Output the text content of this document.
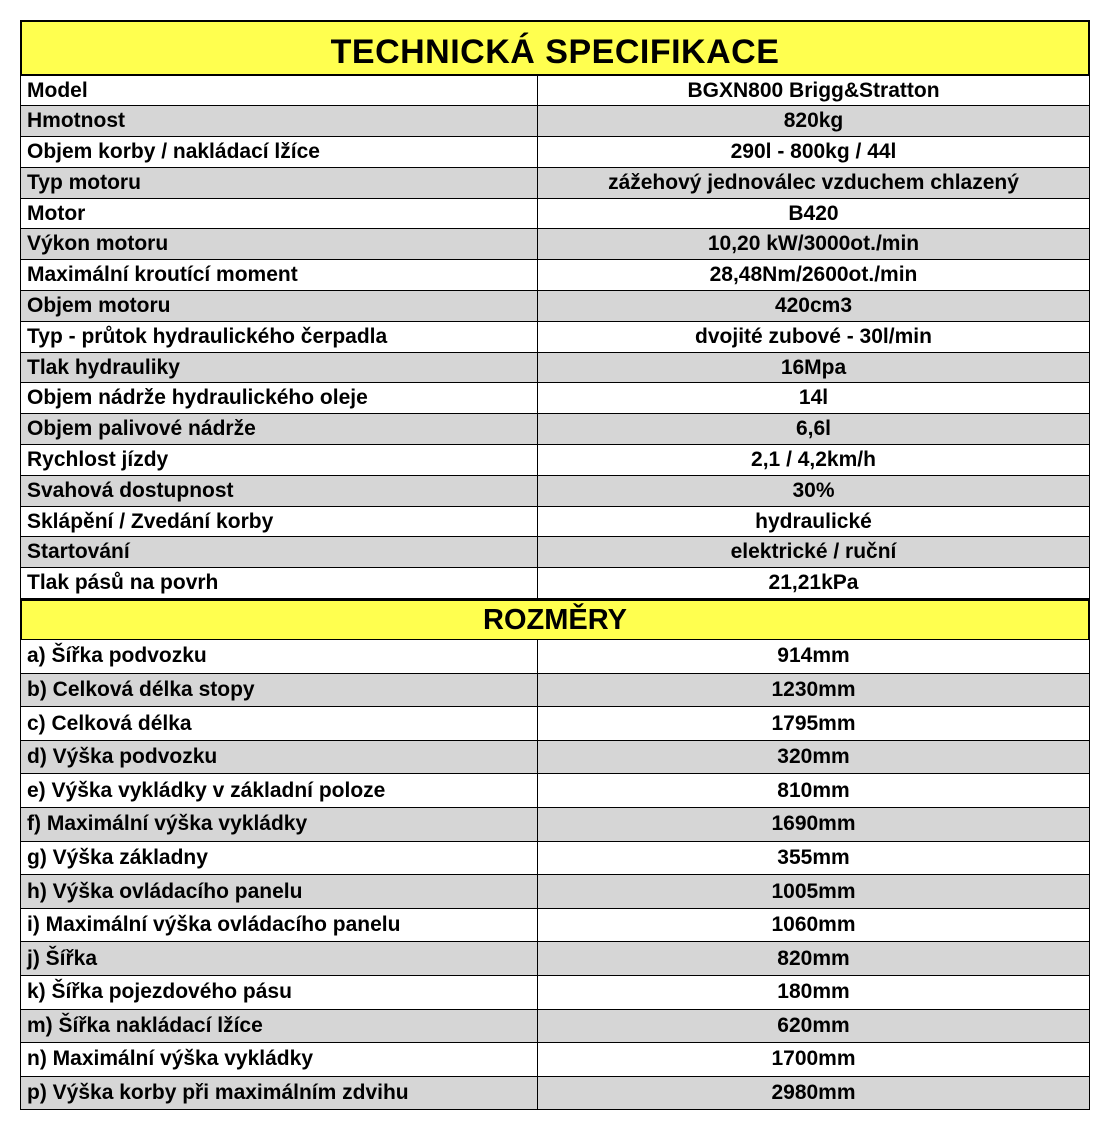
TECHNICKÁ SPECIFIKACE
Model	BGXN800 Brigg&Stratton
Hmotnost	820kg
Objem korby / nakládací lžíce	290l - 800kg / 44l
Typ motoru	zážehový jednoválec vzduchem chlazený
Motor	B420
Výkon motoru	10,20 kW/3000ot./min
Maximální kroutící moment	28,48Nm/2600ot./min
Objem motoru	420cm3
Typ - průtok hydraulického čerpadla	dvojité zubové - 30l/min
Tlak hydrauliky	16Mpa
Objem nádrže hydraulického oleje	14l
Objem palivové nádrže	6,6l
Rychlost jízdy	2,1 / 4,2km/h
Svahová dostupnost	30%
Sklápění / Zvedání korby	hydraulické
Startování	elektrické / ruční
Tlak pásů na povrh	21,21kPa
ROZMĚRY
a) Šířka podvozku	914mm
b) Celková délka stopy	1230mm
c) Celková délka	1795mm
d) Výška podvozku	320mm
e) Výška vykládky v základní poloze	810mm
f) Maximální výška vykládky	1690mm
g) Výška základny	355mm
h) Výška ovládacího panelu	1005mm
i) Maximální výška ovládacího panelu	1060mm
j) Šířka	820mm
k) Šířka pojezdového pásu	180mm
m) Šířka nakládací lžíce	620mm
n) Maximální výška vykládky	1700mm
p) Výška korby při maximálním zdvihu	2980mm
